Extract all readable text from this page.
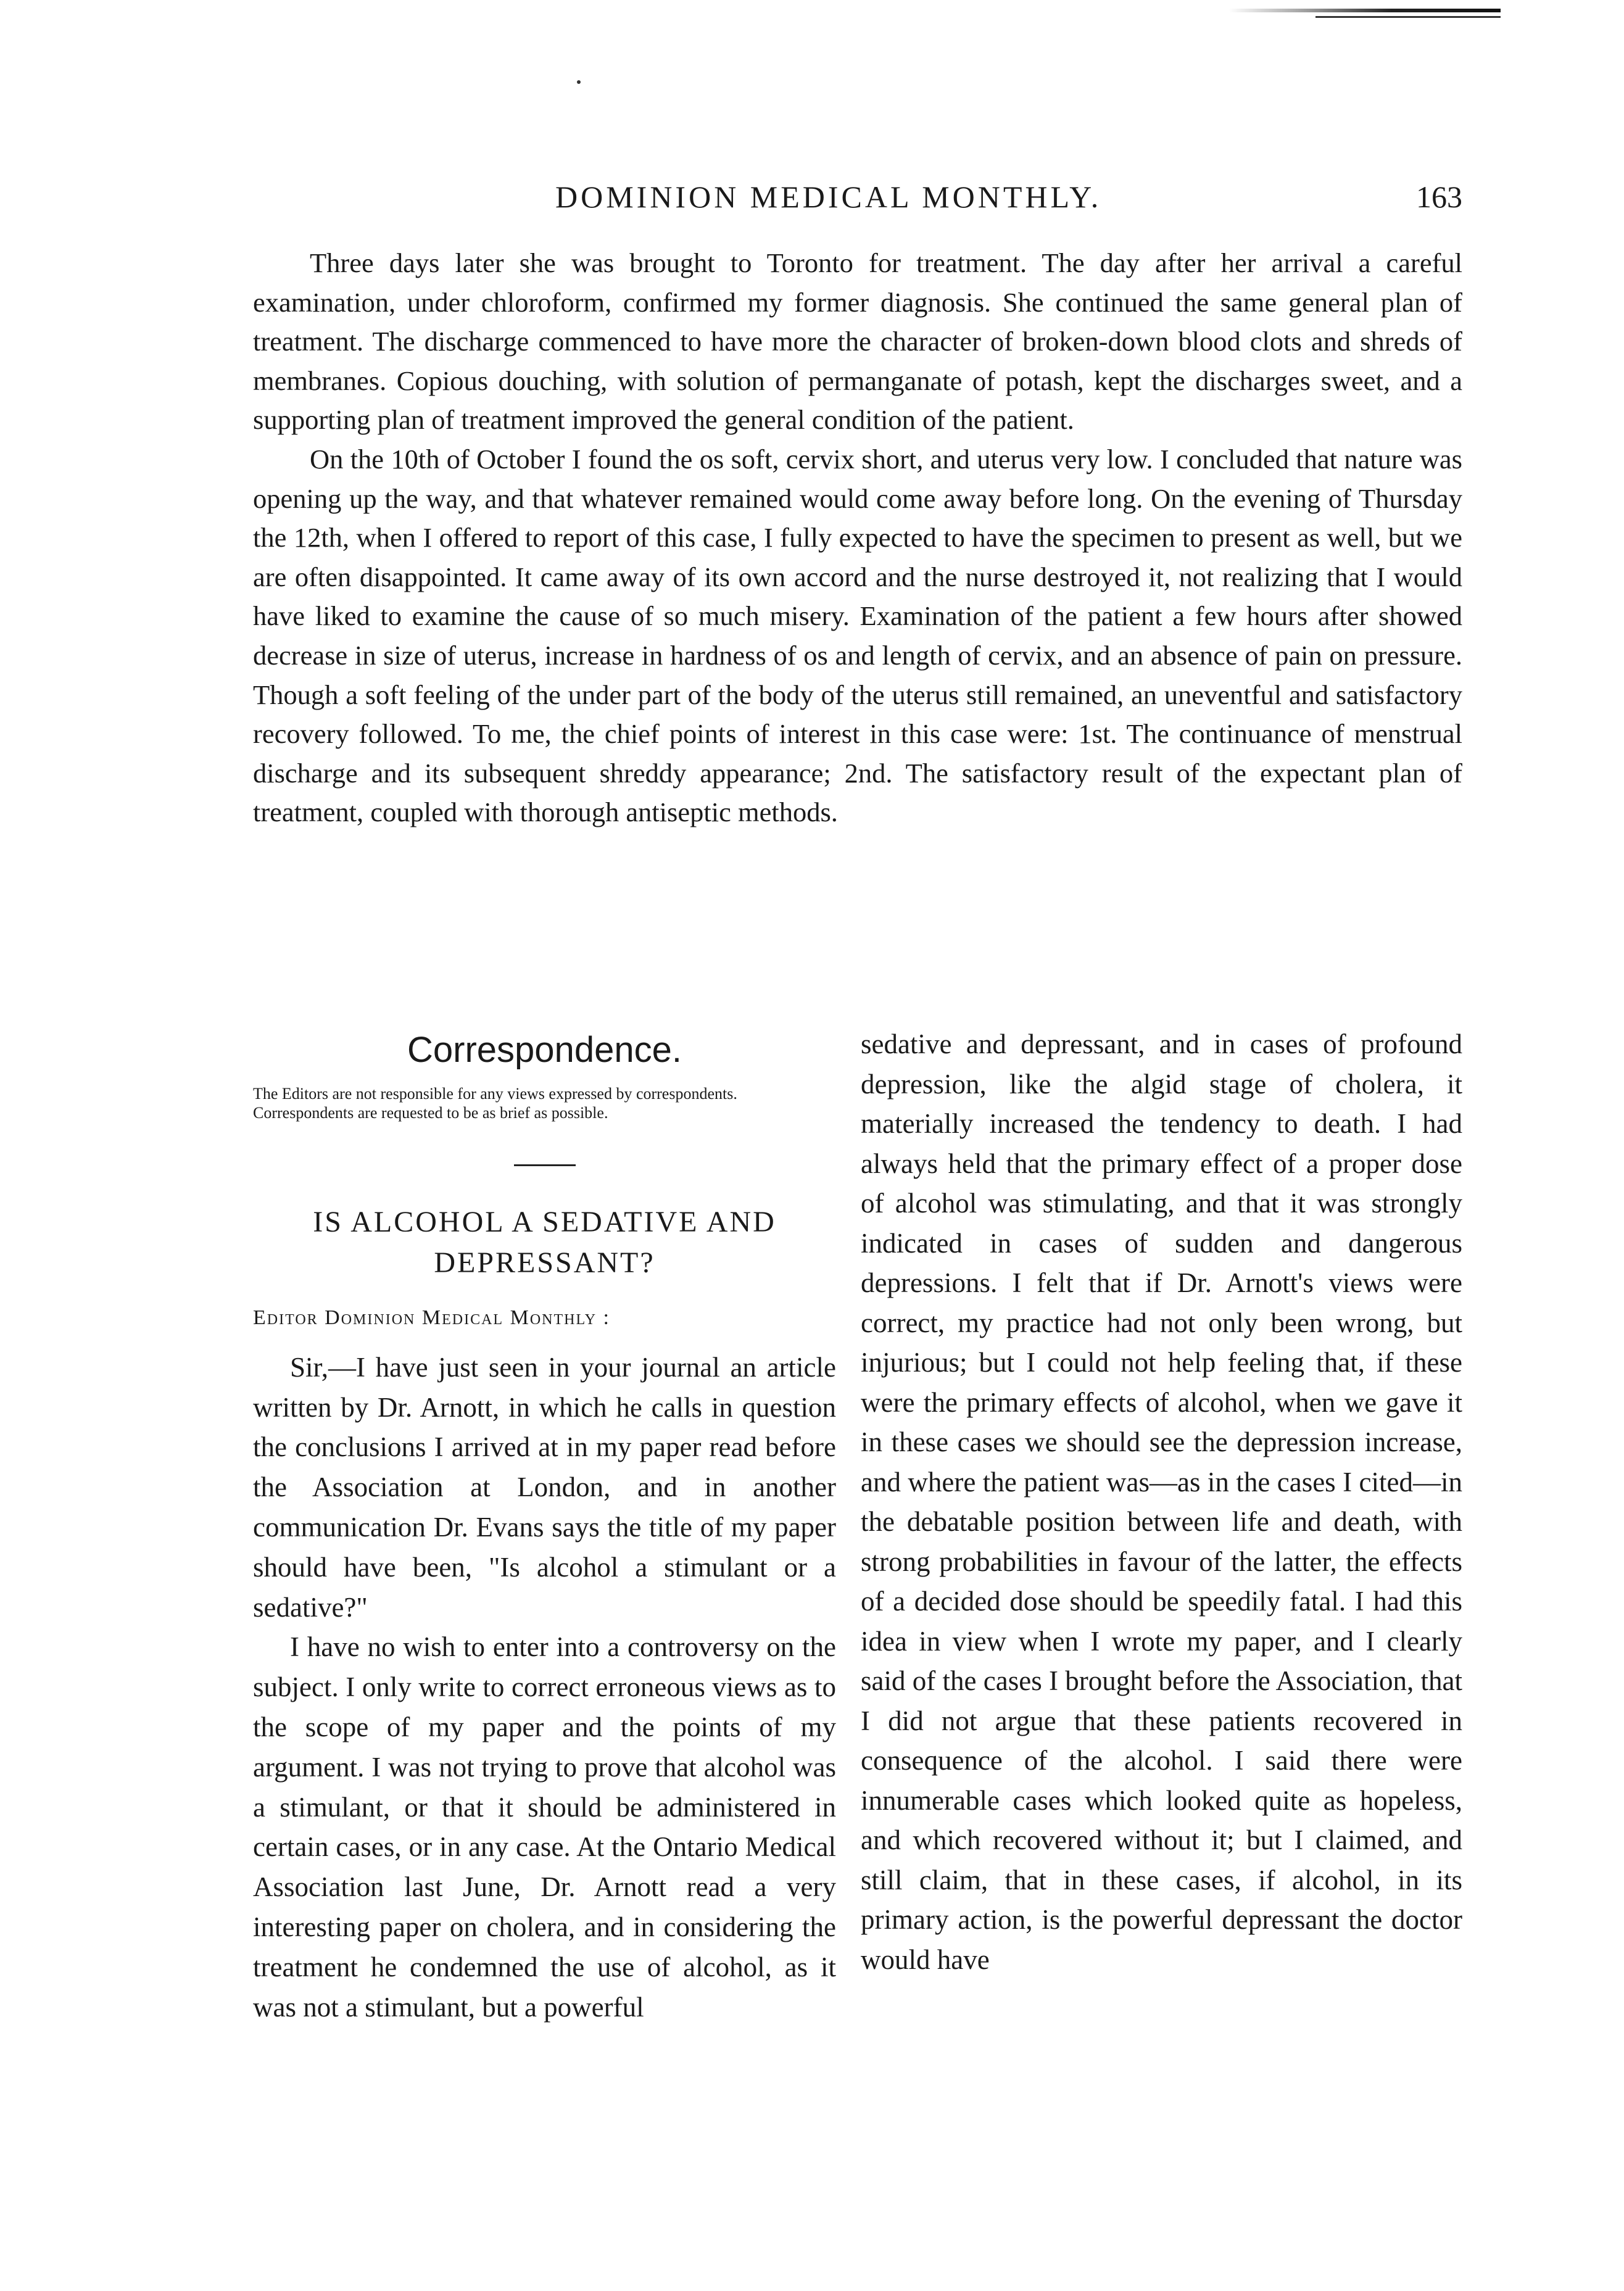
DOMINION MEDICAL MONTHLY.	163

Three days later she was brought to Toronto for treatment. The day after her arrival a careful examination, under chloroform, confirmed my former diagnosis. She continued the same general plan of treatment. The discharge commenced to have more the character of broken-down blood clots and shreds of membranes. Copious douching, with solution of permanganate of potash, kept the discharges sweet, and a supporting plan of treatment improved the general condition of the patient.

On the 10th of October I found the os soft, cervix short, and uterus very low. I concluded that nature was opening up the way, and that whatever remained would come away before long. On the evening of Thursday the 12th, when I offered to report of this case, I fully expected to have the specimen to present as well, but we are often disappointed. It came away of its own accord and the nurse destroyed it, not realizing that I would have liked to examine the cause of so much misery. Examination of the patient a few hours after showed decrease in size of uterus, increase in hardness of os and length of cervix, and an absence of pain on pressure. Though a soft feeling of the under part of the body of the uterus still remained, an uneventful and satisfactory recovery followed. To me, the chief points of interest in this case were: 1st. The continuance of menstrual discharge and its subsequent shreddy appearance; 2nd. The satisfactory result of the expectant plan of treatment, coupled with thorough antiseptic methods.

Correspondence.
The Editors are not responsible for any views expressed by correspondents.
Correspondents are requested to be as brief as possible.
IS ALCOHOL A SEDATIVE AND DEPRESSANT?
Editor Dominion Medical Monthly :

Sir,—I have just seen in your journal an article written by Dr. Arnott, in which he calls in question the conclusions I arrived at in my paper read before the Association at London, and in another communication Dr. Evans says the title of my paper should have been, "Is alcohol a stimulant or a sedative?"

I have no wish to enter into a controversy on the subject. I only write to correct erroneous views as to the scope of my paper and the points of my argument. I was not trying to prove that alcohol was a stimulant, or that it should be administered in certain cases, or in any case. At the Ontario Medical Association last June, Dr. Arnott read a very interesting paper on cholera, and in considering the treatment he condemned the use of alcohol, as it was not a stimulant, but a powerful

sedative and depressant, and in cases of profound depression, like the algid stage of cholera, it materially increased the tendency to death. I had always held that the primary effect of a proper dose of alcohol was stimulating, and that it was strongly indicated in cases of sudden and dangerous depressions. I felt that if Dr. Arnott's views were correct, my practice had not only been wrong, but injurious; but I could not help feeling that, if these were the primary effects of alcohol, when we gave it in these cases we should see the depression increase, and where the patient was—as in the cases I cited—in the debatable position between life and death, with strong probabilities in favour of the latter, the effects of a decided dose should be speedily fatal. I had this idea in view when I wrote my paper, and I clearly said of the cases I brought before the Association, that I did not argue that these patients recovered in consequence of the alcohol. I said there were innumerable cases which looked quite as hopeless, and which recovered without it; but I claimed, and still claim, that in these cases, if alcohol, in its primary action, is the powerful depressant the doctor would have
